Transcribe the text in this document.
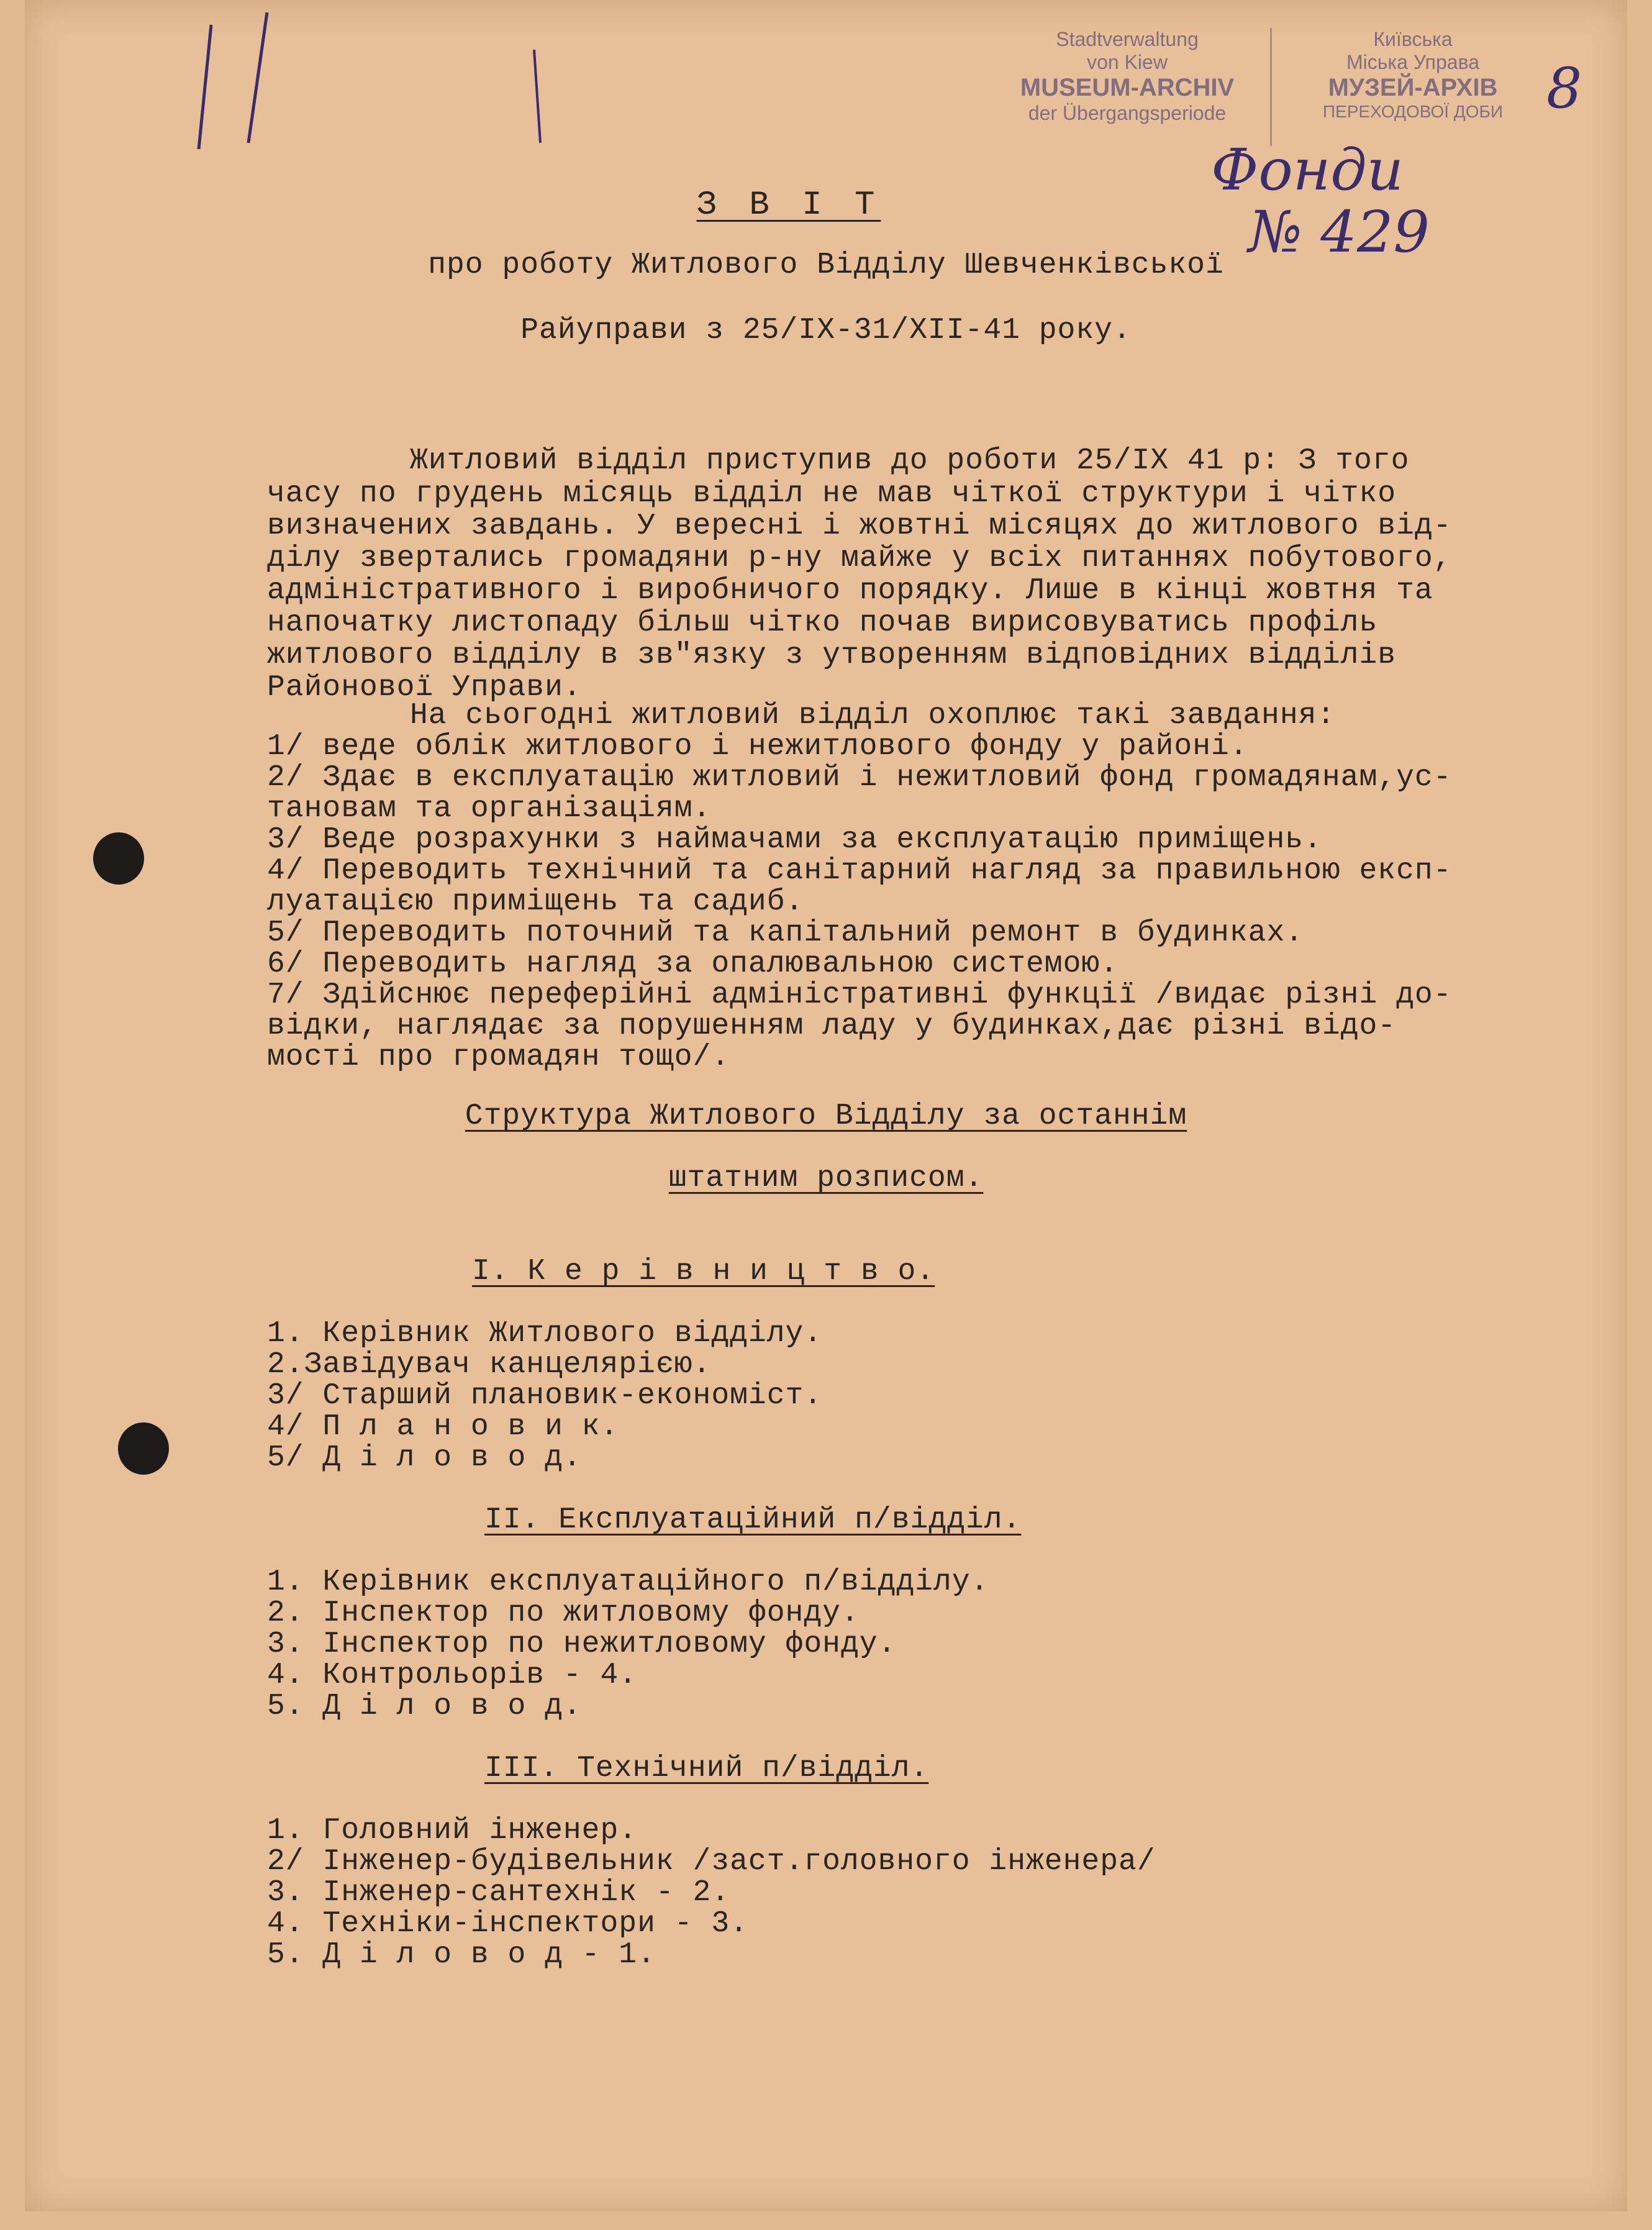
Stadtverwaltung
von Kiew
MUSEUM-ARCHIV
der Übergangsperiode
Київська
Міська Управа
МУЗЕЙ-АРХІВ
ПЕРЕХОДОВОЇ ДОБИ 8
Фонди
№ 429
З В І Т
про роботу Житлового Відділу Шевченківської
Райуправи з 25/IX-31/XII-41 року.
Житловий відділ приступив до роботи 25/IX 41 р: З того
часу по грудень місяць відділ не мав чіткої структури і чітко
визначених завдань. У вересні і жовтні місяцях до житлового від-
ділу звертались громадяни р-ну майже у всіх питаннях побутового,
адміністративного і виробничого порядку. Лише в кінці жовтня та
напочатку листопаду більш чітко почав вирисовуватись профіль
житлового відділу в зв"язку з утворенням відповідних відділів
Районової Управи.
На сьогодні житловий відділ охоплює такі завдання:
1/ веде облік житлового і нежитлового фонду у районі.
2/ Здає в експлуатацію житловий і нежитловий фонд громадянам,ус-
тановам та організаціям.
3/ Веде розрахунки з наймачами за експлуатацію приміщень.
4/ Переводить технічний та санітарний нагляд за правильною експ-
луатацією приміщень та садиб.
5/ Переводить поточний та капітальний ремонт в будинках.
6/ Переводить нагляд за опалювальною системою.
7/ Здійснює переферійні адміністративні функції /видає різні до-
відки, наглядає за порушенням ладу у будинках,дає різні відо-
мості про громадян тощо/.
Структура Житлового Відділу за останнім
штатним розписом.
I. К е р і в н и ц т в о.
1. Керівник Житлового відділу.
2.Завідувач канцелярією.
3/ Старший плановик-економіст.
4/ П л а н о в и к.
5/ Д і л о в о д.
II. Експлуатаційний п/відділ.
1. Керівник експлуатаційного п/відділу.
2. Інспектор по житловому фонду.
3. Інспектор по нежитловому фонду.
4. Контрольорів - 4.
5. Д і л о в о д.
III. Технічний п/відділ.
1. Головний інженер.
2/ Інженер-будівельник /заст.головного інженера/
3. Інженер-сантехнік - 2.
4. Техніки-інспектори - 3.
5. Д і л о в о д - 1.
